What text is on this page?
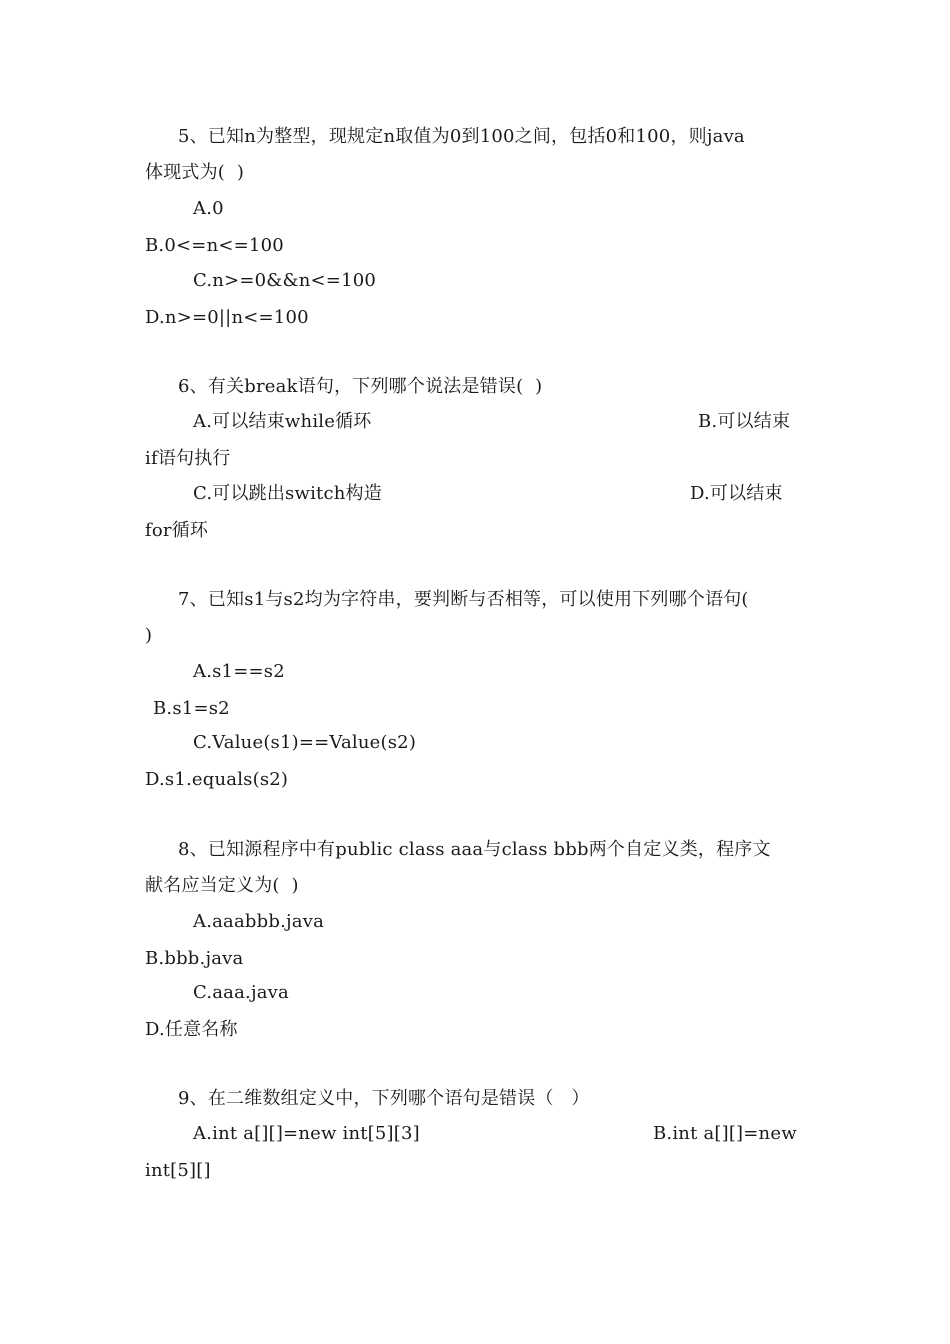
5、已知n为整型，现规定n取值为0到100之间，包括0和100，则java
体现式为(  )
A.0
B.0<=n<=100
C.n>=0&&n<=100
D.n>=0||n<=100
6、有关break语句，下列哪个说法是错误(  )
A.可以结束while循环	B.可以结束
if语句执行
C.可以跳出switch构造	D.可以结束
for循环
7、已知s1与s2均为字符串，要判断与否相等，可以使用下列哪个语句(
)
A.s1==s2
B.s1=s2
C.Value(s1)==Value(s2)
D.s1.equals(s2)
8、已知源程序中有public class aaa与class bbb两个自定义类，程序文
献名应当定义为(  )
A.aaabbb.java
B.bbb.java
C.aaa.java
D.任意名称
9、在二维数组定义中，下列哪个语句是错误（   ）
A.int a[][]=new int[5][3]	B.int a[][]=new
int[5][]
